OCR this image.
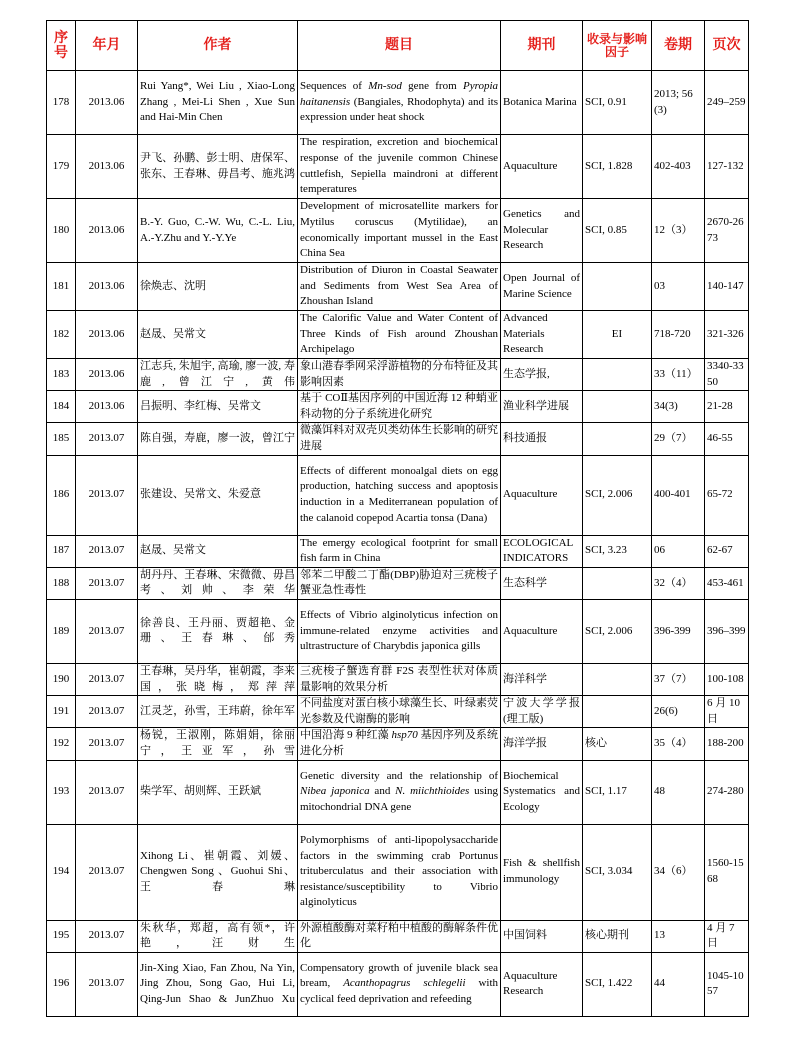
序号	年月	作者	题目	期刊	收录与影响因子	卷期	页次
178	2013.06	Rui Yang*, Wei Liu , Xiao-Long Zhang , Mei-Li Shen , Xue Sun and Hai-Min Chen	Sequences of Mn-sod gene from Pyropia haitanensis (Bangiales, Rhodophyta) and its expression under heat shock	Botanica Marina	SCI, 0.91	2013; 56(3)	249–259
179	2013.06	尹飞、孙鹏、彭士明、唐保军、张东、王春琳、毋昌考、施兆鸿	The respiration, excretion and biochemical response of the juvenile common Chinese cuttlefish, Sepiella maindroni at different temperatures	Aquaculture	SCI, 1.828	402-403	127-132
180	2013.06	B.-Y. Guo, C.-W. Wu, C.-L. Liu, A.-Y.Zhu and Y.-Y.Ye	Development of microsatellite markers for Mytilus coruscus (Mytilidae), an economically important mussel in the East China Sea	Genetics and Molecular Research	SCI, 0.85	12（3）	2670-2673
181	2013.06	徐焕志、沈明	Distribution of Diuron in Coastal Seawater and Sediments from West Sea Area of Zhoushan Island	Open Journal of Marine Science		03	140-147
182	2013.06	赵晟、吴常文	The Calorific Value and Water Content of Three Kinds of Fish around Zhoushan Archipelago	Advanced Materials Research	EI	718-720	321-326
183	2013.06	江志兵, 朱旭宇, 高瑜, 廖一波, 寿鹿, 曾江宁, 黄伟	象山港春季网采浮游植物的分布特征及其影响因素	生态学报,		33（11）	3340-3350
184	2013.06	吕振明、李红梅、吴常文	基于 COⅡ基因序列的中国近海 12 种蛸亚科动物的分子系统进化研究	渔业科学进展		34(3)	21-28
185	2013.07	陈自强，寿鹿，廖一波，曾江宁	微藻饵料对双壳贝类幼体生长影响的研究进展	科技通报		29（7）	46-55
186	2013.07	张建设、吴常文、朱爱意	Effects of different monoalgal diets on egg production, hatching success and apoptosis induction in a Mediterranean population of the calanoid copepod Acartia tonsa (Dana)	Aquaculture	SCI, 2.006	400-401	65-72
187	2013.07	赵晟、吴常文	The emergy ecological footprint for small fish farm in China	ECOLOGICAL INDICATORS	SCI, 3.23	06	62-67
188	2013.07	胡丹丹、王春琳、宋微微、毋昌考、刘帅、李荣华	邻苯二甲酸二丁酯(DBP)胁迫对三疣梭子蟹亚急性毒性	生态科学		32（4）	453-461
189	2013.07	徐善良、王丹丽、贾超艳、金珊、王春琳、邰秀	Effects of Vibrio alginolyticus infection on immune-related enzyme activities and ultrastructure of Charybdis japonica gills	Aquaculture	SCI, 2.006	396-399	396–399
190	2013.07	王春琳，吴丹华，崔朝霞，李来国，张晓梅，郑萍萍	三疣梭子蟹选育群 F2S 表型性状对体质量影响的效果分析	海洋科学		37（7）	100-108
191	2013.07	江灵芝，孙雪，王玮蔚，徐年军	不同盐度对蛋白核小球藻生长、叶绿素荧光参数及代谢酶的影响	宁波大学学报(理工版)		26(6)	6 月 10 日
192	2013.07	杨锐，王淑刚，陈娟娟，徐丽宁，王亚军，孙雪	中国沿海 9 种红藻 hsp70 基因序列及系统进化分析	海洋学报	核心	35（4）	188-200
193	2013.07	柴学军、胡则辉、王跃斌	Genetic diversity and the relationship of Nibea japonica and N. miichthioides using mitochondrial DNA gene	Biochemical Systematics and Ecology	SCI, 1.17	48	274-280
194	2013.07	Xihong Li、崔朝霞、刘媛、Chengwen Song 、Guohui Shi、王春琳	Polymorphisms of anti-lipopolysaccharide factors in the swimming crab Portunus trituberculatus and their association with resistance/susceptibility to Vibrio alginolyticus	Fish & shellfish immunology	SCI, 3.034	34（6）	1560-1568
195	2013.07	朱秋华，郑超，高有领*，许艳，汪财生	外源植酸酶对菜籽粕中植酸的酶解条件优化	中国饲料	核心期刊	13	4 月 7 日
196	2013.07	Jin-Xing Xiao, Fan Zhou, Na Yin, Jing Zhou, Song Gao, Hui Li, Qing-Jun Shao & JunZhuo Xu	Compensatory growth of juvenile black sea bream, Acanthopagrus schlegelii with cyclical feed deprivation and refeeding	Aquaculture Research	SCI, 1.422	44	1045-1057
